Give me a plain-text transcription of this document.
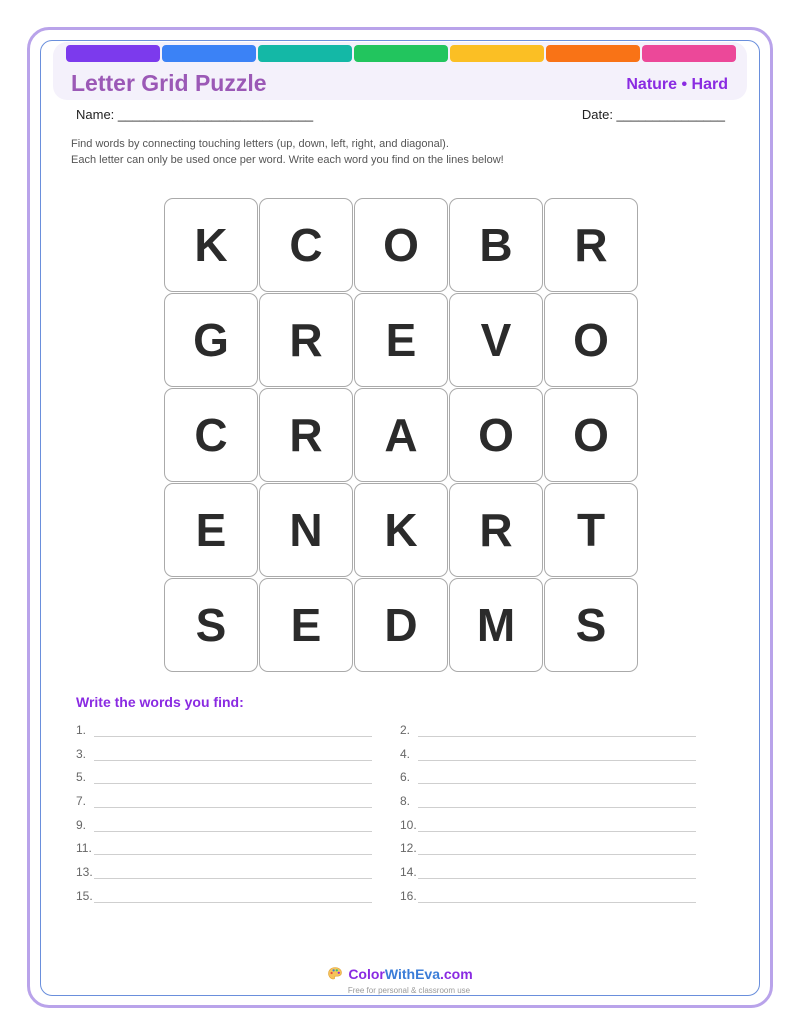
Letter Grid Puzzle	Nature • Hard
Name: ___________________________	Date: _______________
Find words by connecting touching letters (up, down, left, right, and diagonal).
Each letter can only be used once per word. Write each word you find on the lines below!
K	C	O	B	R
G	R	E	V	O
C	R	A	O	O
E	N	K	R	T
S	E	D	M	S
Write the words you find:
1.
3.
5.
7.
9.
11.
13.
15.
2.
4.
6.
8.
10.
12.
14.
16.
ColorWithEva.com
Free for personal & classroom use
